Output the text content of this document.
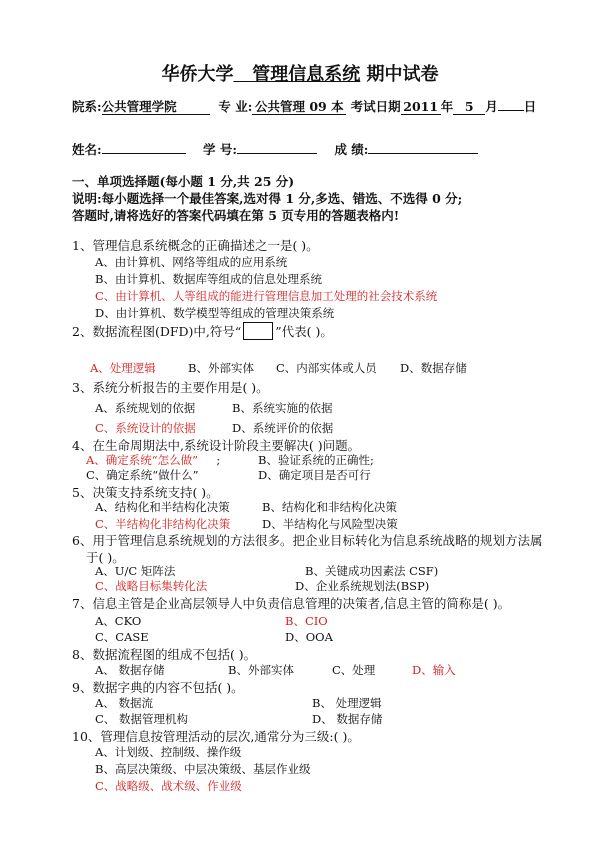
华侨大学 管理信息系统 期中试卷
院系:公共管理学院	专 业: 公共管理 09 本 考试日期 2011 年 5 月 日
姓名:	学 号:	成 绩:
一、单项选择题(每小题 1 分,共 25 分)
说明:每小题选择一个最佳答案,选对得 1 分,多选、错选、不选得 0 分;
答题时,请将选好的答案代码填在第 5 页专用的答题表格内!
1、管理信息系统概念的正确描述之一是( )。
A、由计算机、网络等组成的应用系统
B、由计算机、数据库等组成的信息处理系统
C、由计算机、人等组成的能进行管理信息加工处理的社会技术系统
D、由计算机、数学模型等组成的管理决策系统
2、数据流程图(DFD)中,符号“	”代表( )。
A、处理逻辑	B、外部实体 C、内部实体或人员 D、数据存储
3、系统分析报告的主要作用是( )。
A、系统规划的依据	B、系统实施的依据
C、系统设计的依据	D、系统评价的依据
4、在生命周期法中,系统设计阶段主要解决( )问题。
A、确定系统“怎么做” ;	B、验证系统的正确性;
C、确定系统“做什么”	D、确定项目是否可行
5、决策支持系统支持( )。
A、结构化和半结构化决策	B、结构化和非结构化决策
C、半结构化非结构化决策	D、半结构化与风险型决策
6、用于管理信息系统规划的方法很多。把企业目标转化为信息系统战略的规划方法属
于( )。
A、U/C 矩阵法	B、关键成功因素法 CSF)
C、战略目标集转化法	D、企业系统规划法(BSP)
7、信息主管是企业高层领导人中负责信息管理的决策者,信息主管的简称是( )。
A、CKO	B、CIO
C、CASE	D、OOA
8、数据流程图的组成不包括( )。
A、 数据存储	B、外部实体	C、处理	D、输入
9、数据字典的内容不包括( )。
A、 数据流	B、 处理逻辑
C、 数据管理机构	D、 数据存储
10、管理信息按管理活动的层次,通常分为三级:( )。
A、计划级、控制级、操作级
B、高层决策级、中层决策级、基层作业级
C、战略级、战术级、作业级
